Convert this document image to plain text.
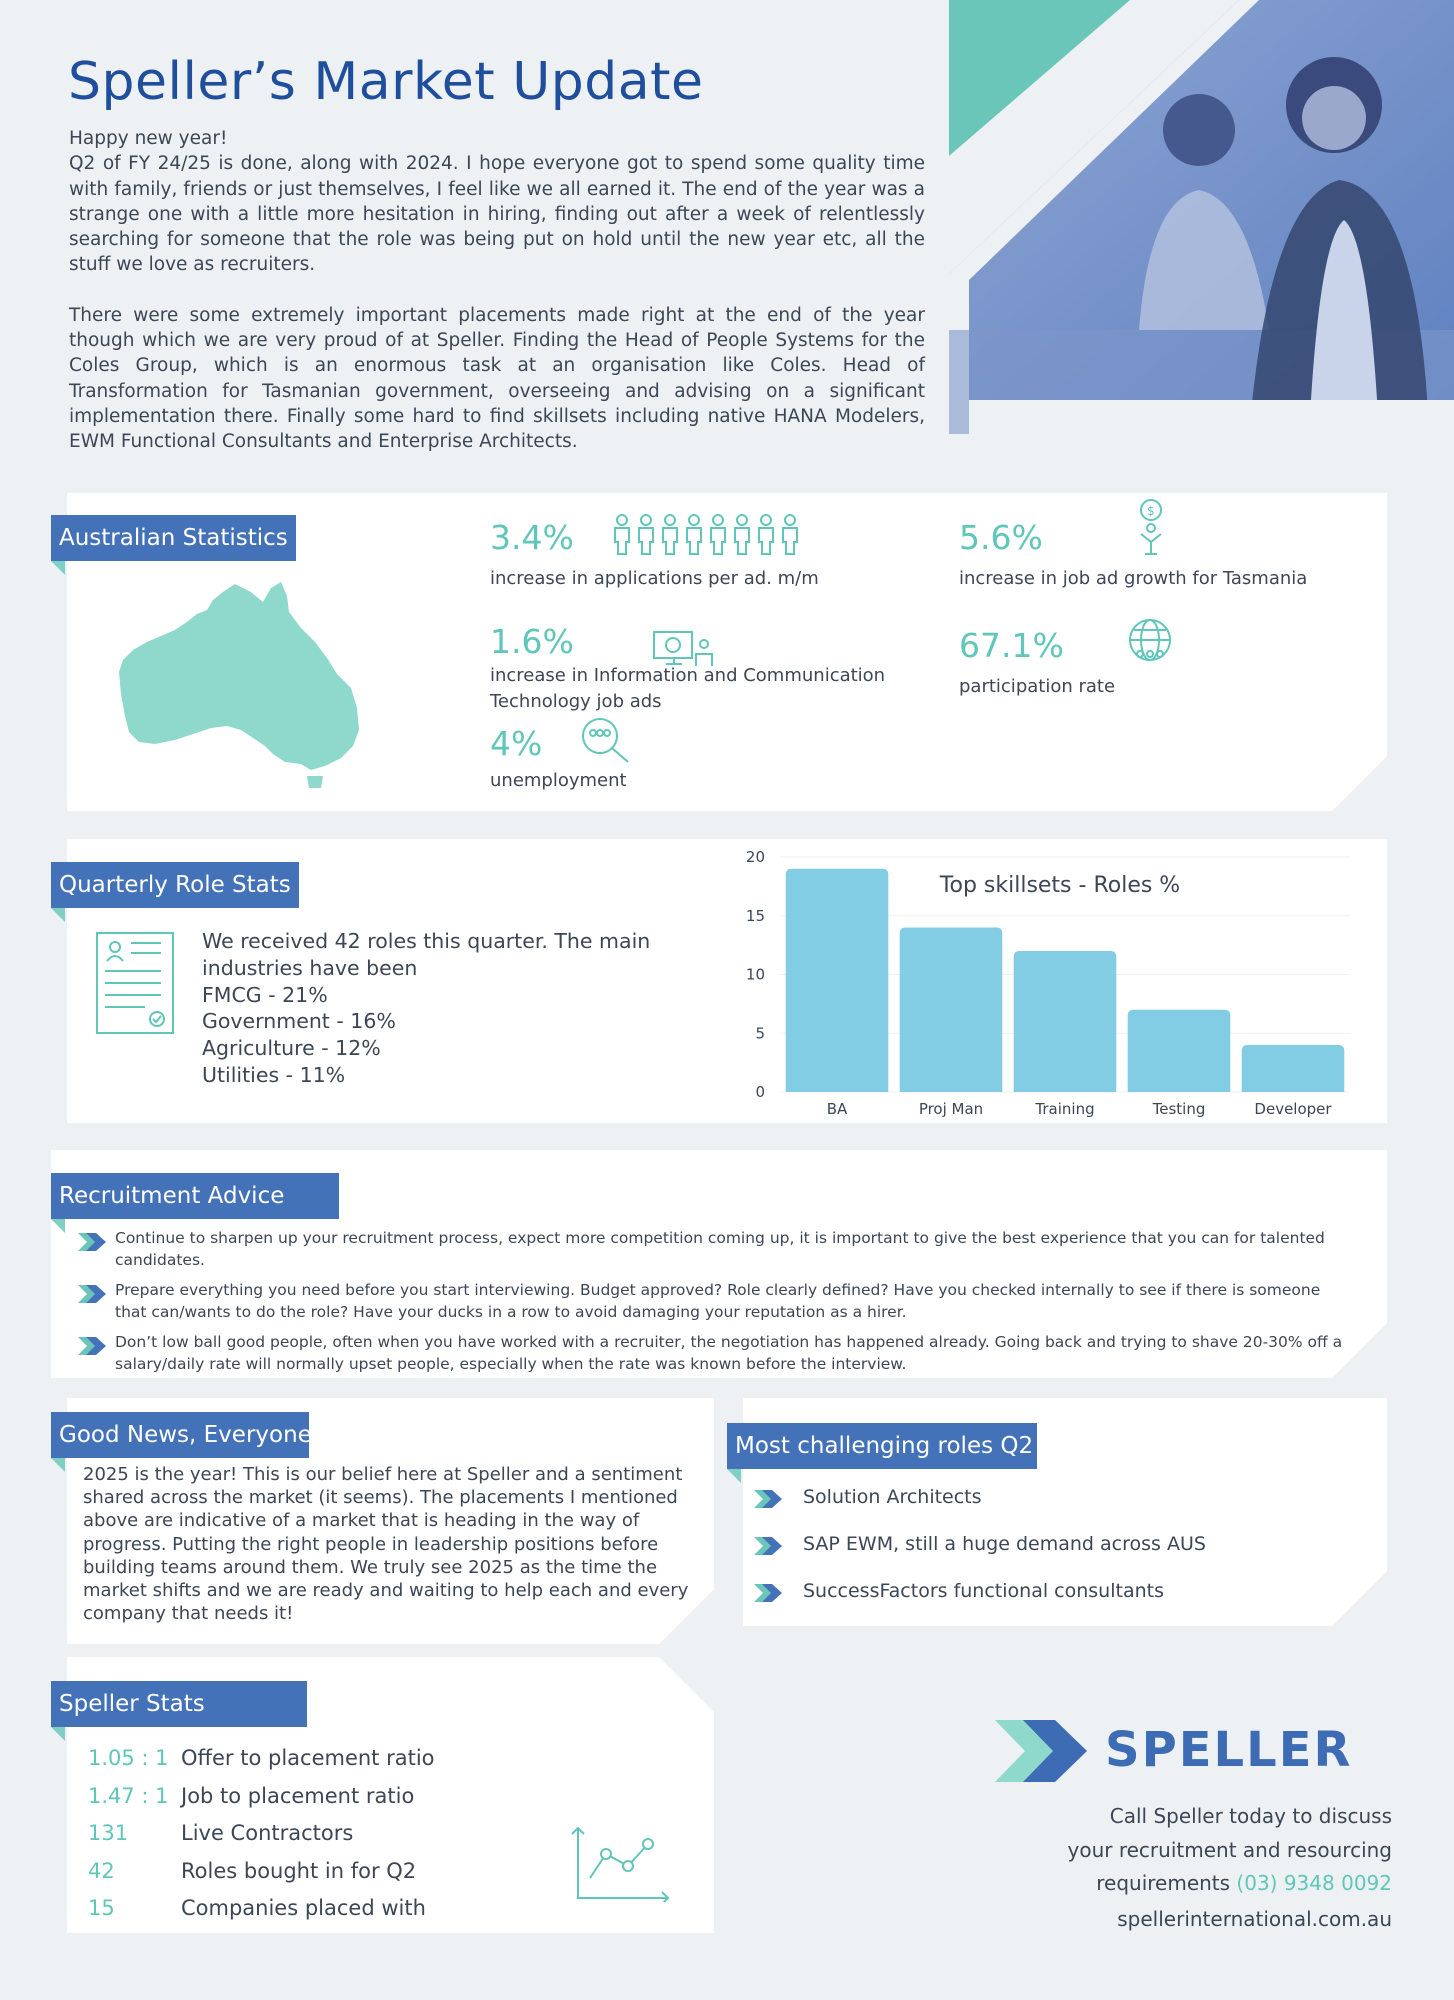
Speller’s Market Update
Happy new year!

Q2 of FY 24/25 is done, along with 2024. I hope everyone got to spend some quality time with family, friends or just themselves, I feel like we all earned it. The end of the year was a strange one with a little more hesitation in hiring, finding out after a week of relentlessly searching for someone that the role was being put on hold until the new year etc, all the stuff we love as recruiters.

There were some extremely important placements made right at the end of the year though which we are very proud of at Speller. Finding the Head of People Systems for the Coles Group, which is an enormous task at an organisation like Coles. Head of Transformation for Tasmanian government, overseeing and advising on a significant implementation there. Finally some hard to find skillsets including native HANA Modelers, EWM Functional Consultants and Enterprise Architects.

Australian Statistics	3.4%
increase in applications per ad. m/m
5.6%
$
increase in job ad growth for Tasmania
1.6%
increase in Information and Communication Technology job ads
67.1%
participation rate
4%
unemployment
Quarterly Role Stats
We received 42 roles this quarter. The main industries have been
FMCG - 21%
Government - 16%
Agriculture - 12%
Utilities - 11%
0
5
10
15
20
BA	Proj Man	Training	Testing	Developer
Top skillsets - Roles %
Recruitment Advice
Continue to sharpen up your recruitment process, expect more competition coming up, it is important to give the best experience that you can for talented candidates.
Prepare everything you need before you start interviewing. Budget approved? Role clearly defined? Have you checked internally to see if there is someone that can/wants to do the role? Have your ducks in a row to avoid damaging your reputation as a hirer.
Don’t low ball good people, often when you have worked with a recruiter, the negotiation has happened already. Going back and trying to shave 20-30% off a salary/daily rate will normally upset people, especially when the rate was known before the interview.
Good News, Everyone
2025 is the year! This is our belief here at Speller and a sentiment shared across the market (it seems). The placements I mentioned above are indicative of a market that is heading in the way of progress. Putting the right people in leadership positions before building teams around them. We truly see 2025 as the time the market shifts and we are ready and waiting to help each and every company that needs it!
Most challenging roles Q2
Solution Architects
SAP EWM, still a huge demand across AUS
SuccessFactors functional consultants
Speller Stats
1.05 : 1 Offer to placement ratio
1.47 : 1 Job to placement ratio
131	Live Contractors
42	Roles bought in for Q2
15	Companies placed with
SPELLER
Call Speller today to discuss
your recruitment and resourcing
requirements (03) 9348 0092
spellerinternational.com.au
